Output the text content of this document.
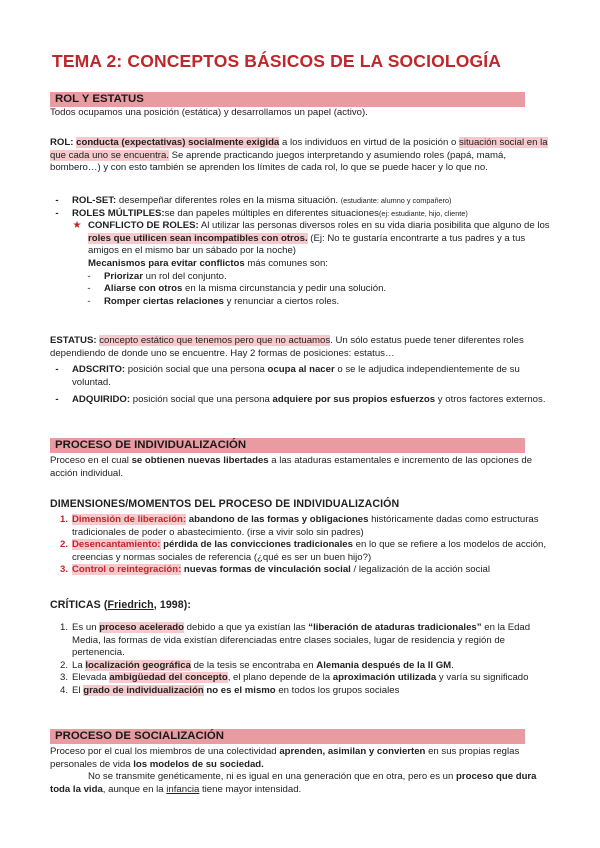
TEMA 2: CONCEPTOS BÁSICOS DE LA SOCIOLOGÍA
ROL Y ESTATUS

Todos ocupamos una posición (estática) y desarrollamos un papel (activo).

ROL: conducta (expectativas) socialmente exigida a los individuos en virtud de la posición o situación social en la que cada uno se encuentra. Se aprende practicando juegos interpretando y asumiendo roles (papá, mamá, bombero…) y con esto también se aprenden los límites de cada rol, lo que se puede hacer y lo que no.

-	ROL-SET: desempeñar diferentes roles en la misma situación. (estudiante: alumno y compañero)
-	ROLES MÚLTIPLES:se dan papeles múltiples en diferentes situaciones(ej: estudiante, hijo, cliente)
★ CONFLICTO DE ROLES: Al utilizar las personas diversos roles en su vida diaria posibilita que alguno de los roles que utilicen sean incompatibles con otros. (Ej: No te gustaría encontrarte a tus padres y a tus amigos en el mismo bar un sábado por la noche)
Mecanismos para evitar conflictos más comunes son:
-	Priorizar un rol del conjunto.
-	Aliarse con otros en la misma circunstancia y pedir una solución.
-	Romper ciertas relaciones y renunciar a ciertos roles.

ESTATUS: concepto estático que tenemos pero que no actuamos. Un sólo estatus puede tener diferentes roles dependiendo de donde uno se encuentre. Hay 2 formas de posiciones: estatus…

-	ADSCRITO: posición social que una persona ocupa al nacer o se le adjudica independientemente de su voluntad.
-	ADQUIRIDO: posición social que una persona adquiere por sus propios esfuerzos y otros factores externos.
PROCESO DE INDIVIDUALIZACIÓN

Proceso en el cual se obtienen nuevas libertades a las ataduras estamentales e incremento de las opciones de acción individual.

DIMENSIONES/MOMENTOS DEL PROCESO DE INDIVIDUALIZACIÓN
1. Dimensión de liberación: abandono de las formas y obligaciones históricamente dadas como estructuras tradicionales de poder o abastecimiento. (irse a vivir solo sin padres)
2. Desencantamiento: pérdida de las convicciones tradicionales en lo que se refiere a los modelos de acción, creencias y normas sociales de referencia (¿qué es ser un buen hijo?)
3. Control o reintegración: nuevas formas de vinculación social / legalización de la acción social
CRÍTICAS (Friedrich, 1998):
1. Es un proceso acelerado debido a que ya existían las “liberación de ataduras tradicionales” en la Edad Media, las formas de vida existían diferenciadas entre clases sociales, lugar de residencia y región de pertenencia.
2. La localización geográfica de la tesis se encontraba en Alemania después de la II GM.
3. Elevada ambigüedad del concepto, el plano depende de la aproximación utilizada y varía su significado
4. El grado de individualización no es el mismo en todos los grupos sociales
PROCESO DE SOCIALIZACIÓN

Proceso por el cual los miembros de una colectividad aprenden, asimilan y convierten en sus propias reglas personales de vida los modelos de su sociedad.

No se transmite genéticamente, ni es igual en una generación que en otra, pero es un proceso que dura toda la vida, aunque en la infancia tiene mayor intensidad.
